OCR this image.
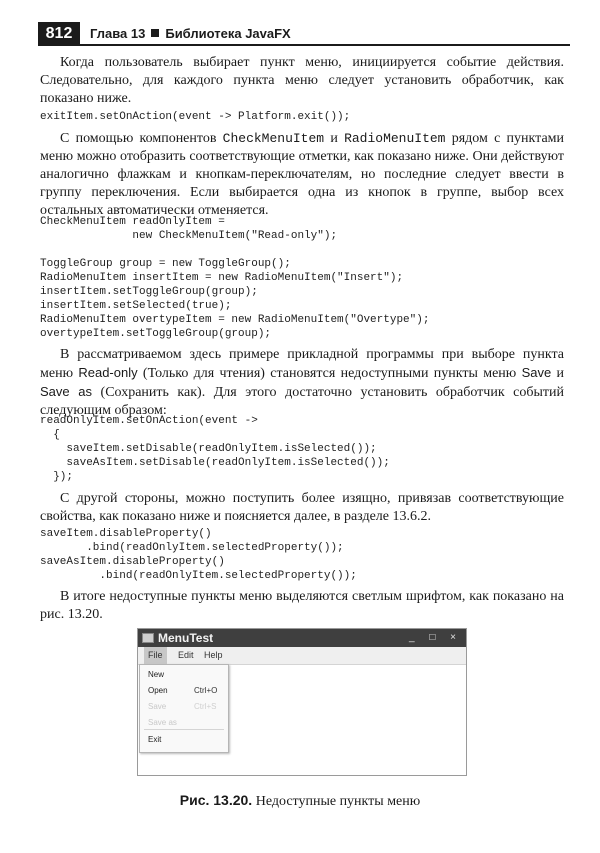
812	Глава 13 Библиотека JavaFX

Когда пользователь выбирает пункт меню, инициируется событие действия. Следовательно, для каждого пункта меню следует установить обработчик, как показано ниже.

exitItem.setOnAction(event -> Platform.exit());

С помощью компонентов CheckMenuItem и RadioMenuItem рядом с пунктами меню можно отобразить соответствующие отметки, как показано ниже. Они действуют аналогично флажкам и кнопкам-переключателям, но последние следует ввести в группу переключения. Если выбирается одна из кнопок в группе, выбор всех остальных автоматически отменяется.

CheckMenuItem readOnlyItem =
new CheckMenuItem("Read-only");

ToggleGroup group = new ToggleGroup();
RadioMenuItem insertItem = new RadioMenuItem("Insert");
insertItem.setToggleGroup(group);
insertItem.setSelected(true);
RadioMenuItem overtypeItem = new RadioMenuItem("Overtype");
overtypeItem.setToggleGroup(group);

В рассматриваемом здесь примере прикладной программы при выборе пункта меню Read-only (Только для чтения) становятся недоступными пункты меню Save и Save as (Сохранить как). Для этого достаточно установить обработчик событий следующим образом:

readOnlyItem.setOnAction(event ->
{
saveItem.setDisable(readOnlyItem.isSelected());
saveAsItem.setDisable(readOnlyItem.isSelected());
});

С другой стороны, можно поступить более изящно, привязав соответствующие свойства, как показано ниже и поясняется далее, в разделе 13.6.2.

saveItem.disableProperty()
.bind(readOnlyItem.selectedProperty());
saveAsItem.disableProperty()
.bind(readOnlyItem.selectedProperty());

В итоге недоступные пункты меню выделяются светлым шрифтом, как показано на рис. 13.20.

MenuTest	_ □ ×
File	Edit	Help
New
Open	Ctrl+O
Save	Ctrl+S
Save as
Exit
Рис. 13.20. Недоступные пункты меню
